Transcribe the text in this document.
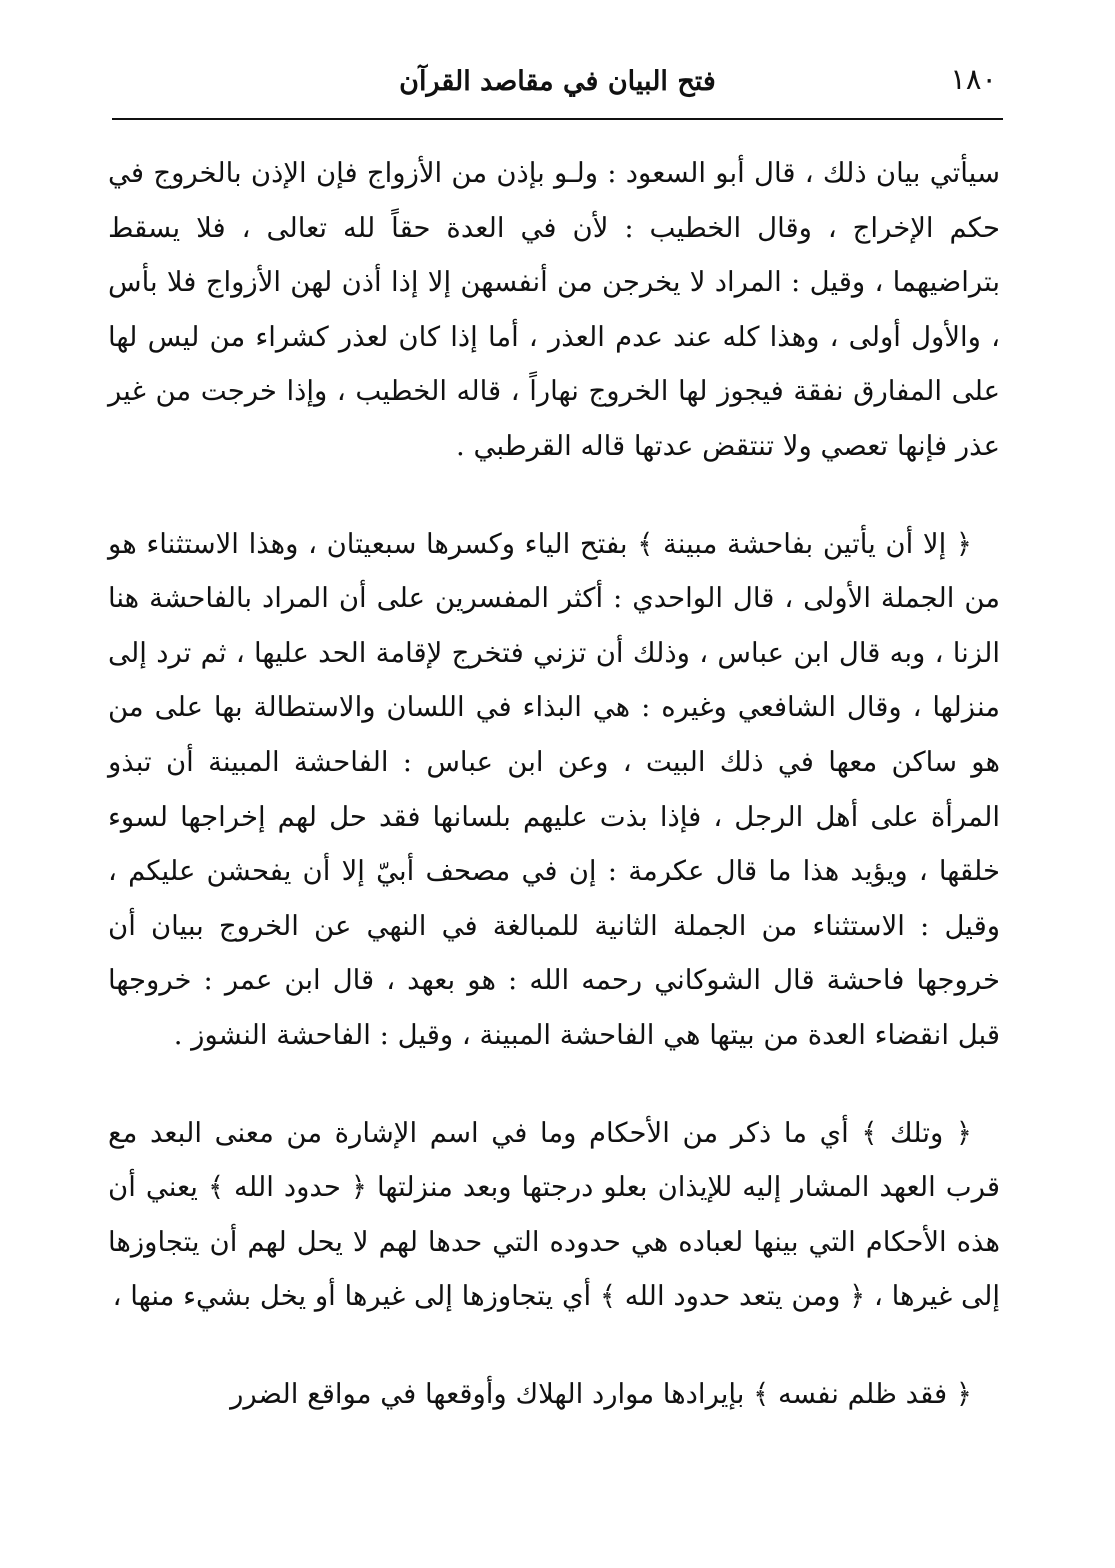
١٨٠
فتح البيان في مقاصد القرآن

سيأتي بيان ذلك ، قال أبو السعود : ولـو بإذن من الأزواج فإن الإذن بالخروج في حكم الإخراج ، وقال الخطيب : لأن في العدة حقاً لله تعالى ، فلا يسقط بتراضيهما ، وقيل : المراد لا يخرجن من أنفسهن إلا إذا أذن لهن الأزواج فلا بأس ، والأول أولى ، وهذا كله عند عدم العذر ، أما إذا كان لعذر كشراء من ليس لها على المفارق نفقة فيجوز لها الخروج نهاراً ، قاله الخطيب ، وإذا خرجت من غير عذر فإنها تعصي ولا تنتقض عدتها قاله القرطبي .

﴿ إلا أن يأتين بفاحشة مبينة ﴾ بفتح الياء وكسرها سبعيتان ، وهذا الاستثناء هو من الجملة الأولى ، قال الواحدي : أكثر المفسرين على أن المراد بالفاحشة هنا الزنا ، وبه قال ابن عباس ، وذلك أن تزني فتخرج لإقامة الحد عليها ، ثم ترد إلى منزلها ، وقال الشافعي وغيره : هي البذاء في اللسان والاستطالة بها على من هو ساكن معها في ذلك البيت ، وعن ابن عباس : الفاحشة المبينة أن تبذو المرأة على أهل الرجل ، فإذا بذت عليهم بلسانها فقد حل لهم إخراجها لسوء خلقها ، ويؤيد هذا ما قال عكرمة : إن في مصحف أبيّ إلا أن يفحشن عليكم ، وقيل : الاستثناء من الجملة الثانية للمبالغة في النهي عن الخروج ببيان أن خروجها فاحشة قال الشوكاني رحمه الله : هو بعهد ، قال ابن عمر : خروجها قبل انقضاء العدة من بيتها هي الفاحشة المبينة ، وقيل : الفاحشة النشوز .

﴿ وتلك ﴾ أي ما ذكر من الأحكام وما في اسم الإشارة من معنى البعد مع قرب العهد المشار إليه للإيذان بعلو درجتها وبعد منزلتها ﴿ حدود الله ﴾ يعني أن هذه الأحكام التي بينها لعباده هي حدوده التي حدها لهم لا يحل لهم أن يتجاوزها إلى غيرها ، ﴿ ومن يتعد حدود الله ﴾ أي يتجاوزها إلى غيرها أو يخل بشيء منها ،

﴿ فقد ظلم نفسه ﴾ بإيرادها موارد الهلاك وأوقعها في مواقع الضرر
